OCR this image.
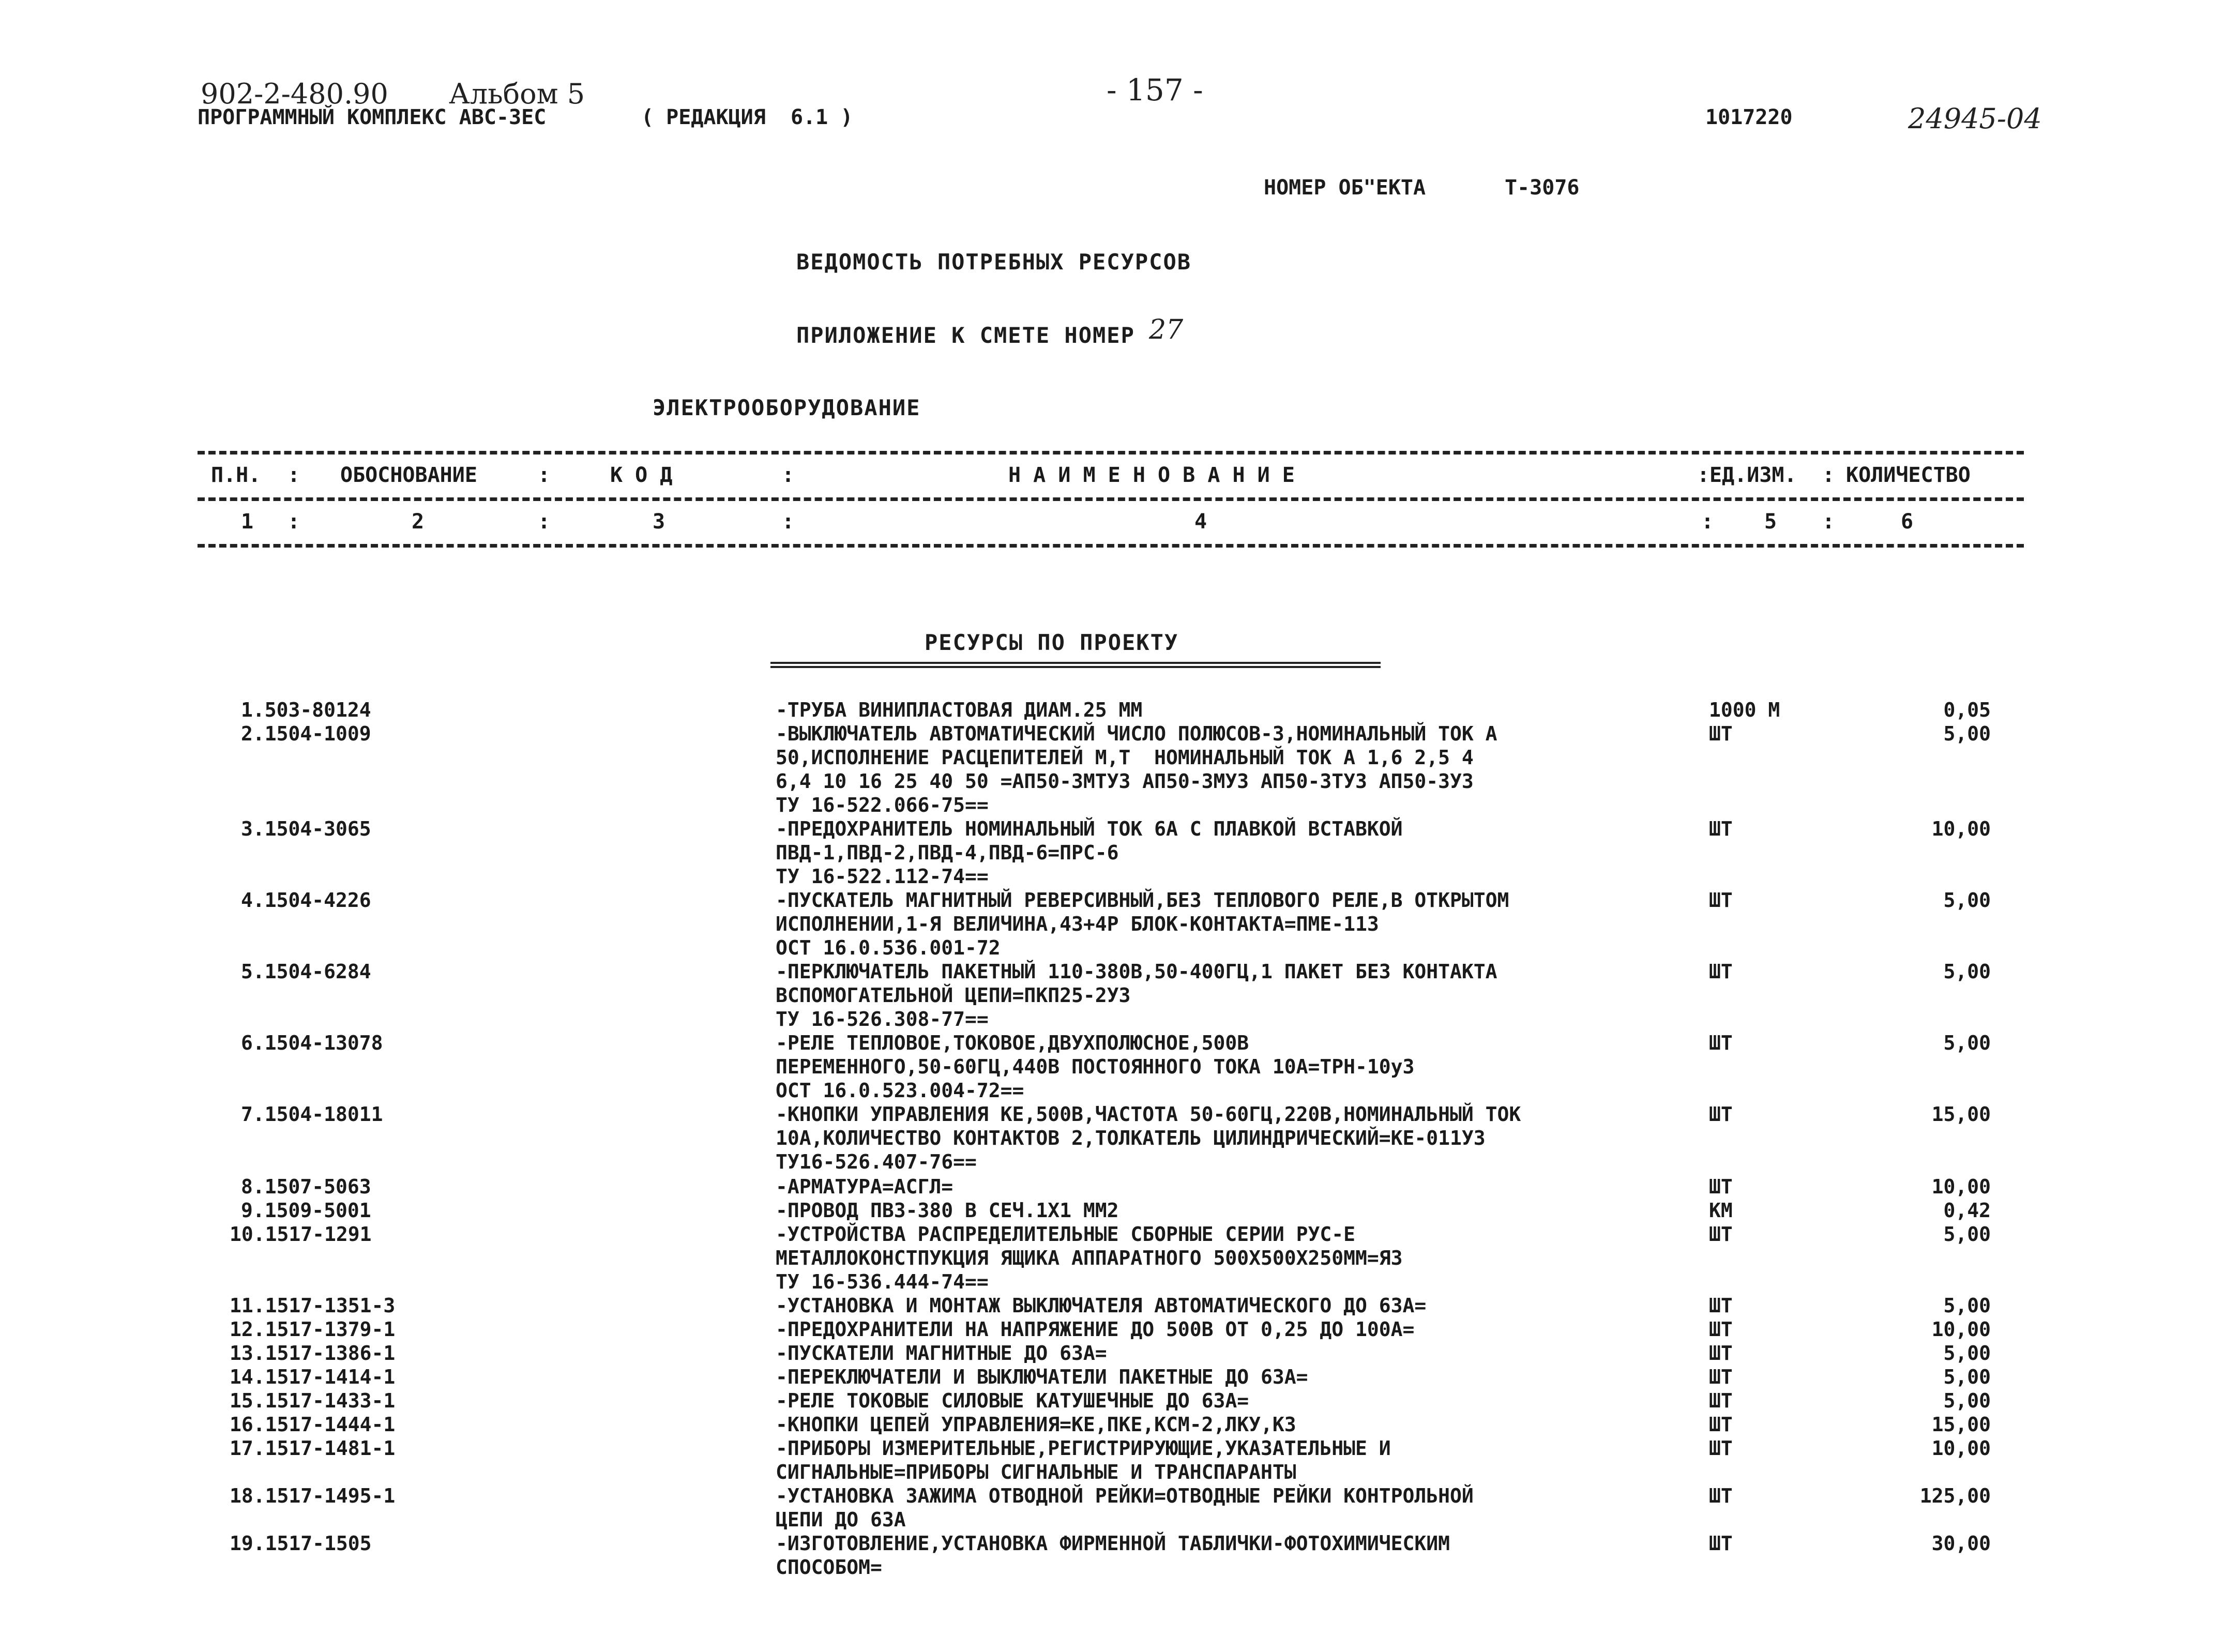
902-2-480.90 Альбом 5
ПРОГРАММНЫЙ КОМПЛЕКС АВС-3ЕС	( РЕДАКЦИЯ  6.1 )
- 157 -
1017220	24945-04
НОМЕР ОБ"ЕКТА	Т-3076
ВЕДОМОСТЬ ПОТРЕБНЫХ РЕСУРСОВ
ПРИЛОЖЕНИЕ К СМЕТЕ НОМЕР 27
ЭЛЕКТРООБОРУДОВАНИЕ
П.Н. : ОБОСНОВАНИЕ	:	К О Д	:	Н А И М Е Н О В А Н И Е	: ЕД.ИЗМ. : КОЛИЧЕСТВО
1 :	2	:	3	:	4	: 5 :	6
РЕСУРСЫ ПО ПРОЕКТУ
1.503-80124	-ТРУБА ВИНИПЛАСТОВАЯ ДИАМ.25 ММ	1000 М	0,05
2.1504-1009	-ВЫКЛЮЧАТЕЛЬ АВТОМАТИЧЕСКИЙ ЧИСЛО ПОЛЮСОВ-3,НОМИНАЛЬНЫЙ ТОК А
50,ИСПОЛНЕНИЕ РАСЦЕПИТЕЛЕЙ М,Т  НОМИНАЛЬНЫЙ ТОК А 1,6 2,5 4
6,4 10 16 25 40 50 =АП50-3МТУ3 АП50-3МУ3 АП50-3ТУ3 АП50-3У3
ТУ 16-522.066-75==
ШТ	5,00
3.1504-3065	-ПРЕДОХРАНИТЕЛЬ НОМИНАЛЬНЫЙ ТОК 6А С ПЛАВКОЙ ВСТАВКОЙ
ПВД-1,ПВД-2,ПВД-4,ПВД-6=ПРС-6
ТУ 16-522.112-74==
ШТ	10,00
4.1504-4226	-ПУСКАТЕЛЬ МАГНИТНЫЙ РЕВЕРСИВНЫЙ,БЕЗ ТЕПЛОВОГО РЕЛЕ,В ОТКРЫТОМ
ИСПОЛНЕНИИ,1-Я ВЕЛИЧИНА,43+4Р БЛОК-КОНТАКТА=ПМЕ-113
ОСТ 16.0.536.001-72
ШТ	5,00
5.1504-6284	-ПЕРКЛЮЧАТЕЛЬ ПАКЕТНЫЙ 110-380В,50-400ГЦ,1 ПАКЕТ БЕЗ КОНТАКТА
ВСПОМОГАТЕЛЬНОЙ ЦЕПИ=ПКП25-2У3
ТУ 16-526.308-77==
ШТ	5,00
6.1504-13078	-РЕЛЕ ТЕПЛОВОЕ,ТОКОВОЕ,ДВУХПОЛЮСНОЕ,500В
ПЕРЕМЕННОГО,50-60ГЦ,440В ПОСТОЯННОГО ТОКА 10А=ТРН-10у3
ОСТ 16.0.523.004-72==
ШТ	5,00
7.1504-18011	-КНОПКИ УПРАВЛЕНИЯ КЕ,500В,ЧАСТОТА 50-60ГЦ,220В,НОМИНАЛЬНЫЙ ТОК
10А,КОЛИЧЕСТВО КОНТАКТОВ 2,ТОЛКАТЕЛЬ ЦИЛИНДРИЧЕСКИЙ=КЕ-011У3
ТУ16-526.407-76==
ШТ	15,00
8.1507-5063	-АРМАТУРА=АСГЛ=	ШТ	10,00
9.1509-5001	-ПРОВОД ПВ3-380 В СЕЧ.1Х1 ММ2	КМ	0,42
10.1517-1291	-УСТРОЙСТВА РАСПРЕДЕЛИТЕЛЬНЫЕ СБОРНЫЕ СЕРИИ РУС-Е
МЕТАЛЛОКОНСТПУКЦИЯ ЯЩИКА АППАРАТНОГО 500Х500Х250ММ=Я3
ТУ 16-536.444-74==
ШТ	5,00
11.1517-1351-3	-УСТАНОВКА И МОНТАЖ ВЫКЛЮЧАТЕЛЯ АВТОМАТИЧЕСКОГО ДО 63А=	ШТ	5,00
12.1517-1379-1	-ПРЕДОХРАНИТЕЛИ НА НАПРЯЖЕНИЕ ДО 500В ОТ 0,25 ДО 100А=	ШТ	10,00
13.1517-1386-1	-ПУСКАТЕЛИ МАГНИТНЫЕ ДО 63А=	ШТ	5,00
14.1517-1414-1	-ПЕРЕКЛЮЧАТЕЛИ И ВЫКЛЮЧАТЕЛИ ПАКЕТНЫЕ ДО 63А=	ШТ	5,00
15.1517-1433-1	-РЕЛЕ ТОКОВЫЕ СИЛОВЫЕ КАТУШЕЧНЫЕ ДО 63А=	ШТ	5,00
16.1517-1444-1	-КНОПКИ ЦЕПЕЙ УПРАВЛЕНИЯ=КЕ,ПКЕ,КСМ-2,ЛКУ,К3	ШТ	15,00
17.1517-1481-1	-ПРИБОРЫ ИЗМЕРИТЕЛЬНЫЕ,РЕГИСТРИРУЮЩИЕ,УКАЗАТЕЛЬНЫЕ И
СИГНАЛЬНЫЕ=ПРИБОРЫ СИГНАЛЬНЫЕ И ТРАНСПАРАНТЫ
ШТ	10,00
18.1517-1495-1	-УСТАНОВКА ЗАЖИМА ОТВОДНОЙ РЕЙКИ=ОТВОДНЫЕ РЕЙКИ КОНТРОЛЬНОЙ
ЦЕПИ ДО 63А
ШТ	125,00
19.1517-1505	-ИЗГОТОВЛЕНИЕ,УСТАНОВКА ФИРМЕННОЙ ТАБЛИЧКИ-ФОТОХИМИЧЕСКИМ
СПОСОБОМ=
ШТ	30,00
